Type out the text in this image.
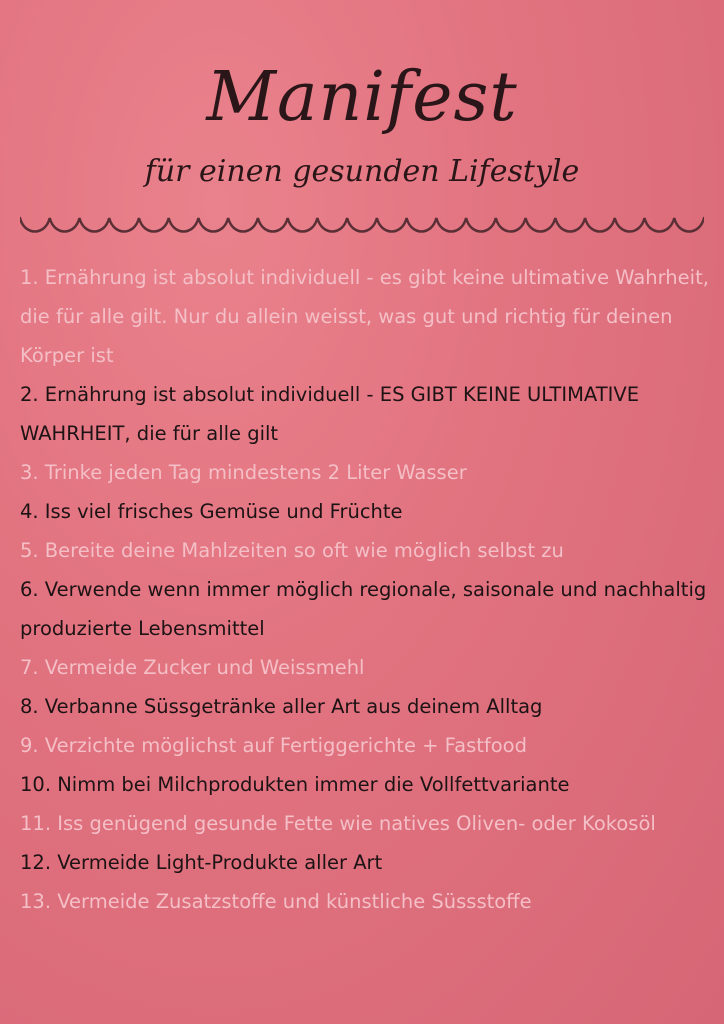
Manifest
für einen gesunden Lifestyle
1. Ernährung ist absolut individuell - es gibt keine ultimative Wahrheit, die für alle gilt. Nur du allein weisst, was gut und richtig für deinen Körper ist
2. Ernährung ist absolut individuell - ES GIBT KEINE ULTIMATIVE WAHRHEIT, die für alle gilt
3. Trinke jeden Tag mindestens 2 Liter Wasser
4. Iss viel frisches Gemüse und Früchte
5. Bereite deine Mahlzeiten so oft wie möglich selbst zu
6. Verwende wenn immer möglich regionale, saisonale und nachhaltig produzierte Lebensmittel
7. Vermeide Zucker und Weissmehl
8. Verbanne Süssgetränke aller Art aus deinem Alltag
9. Verzichte möglichst auf Fertiggerichte + Fastfood
10. Nimm bei Milchprodukten immer die Vollfettvariante
11. Iss genügend gesunde Fette wie natives Oliven- oder Kokosöl
12. Vermeide Light-Produkte aller Art
13. Vermeide Zusatzstoffe und künstliche Süssstoffe
